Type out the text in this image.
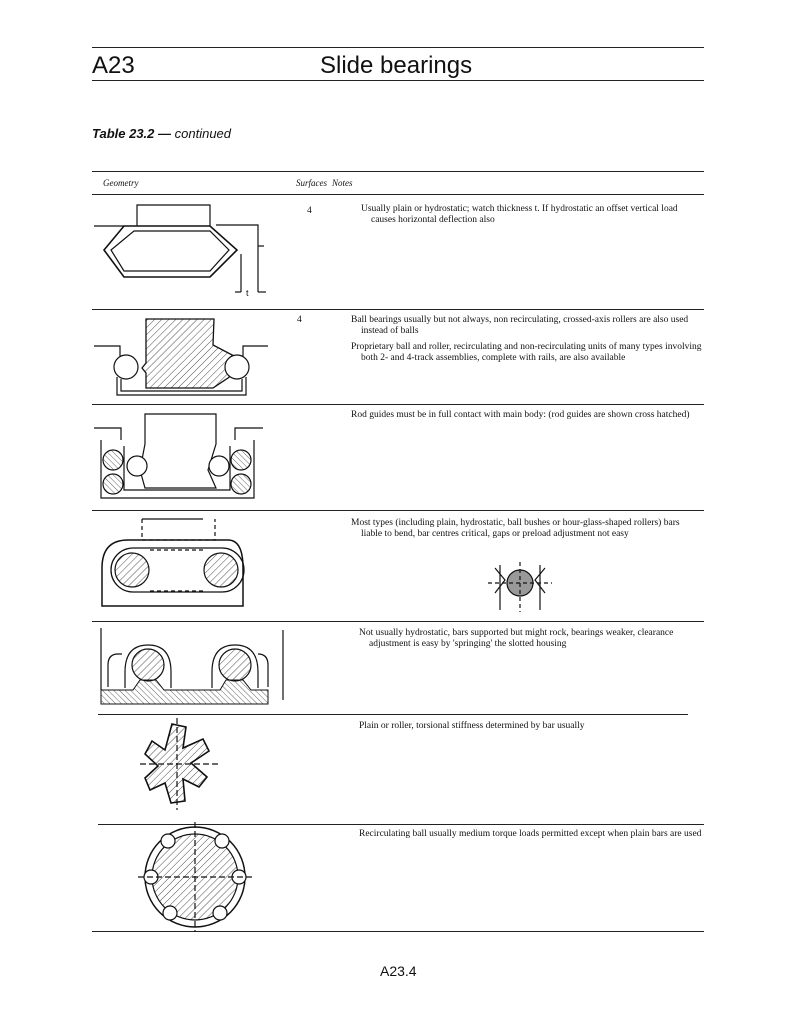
A23	Slide bearings
Table 23.2 — continued
Geometry	Surfaces Notes
4
4

Usually plain or hydrostatic; watch thickness t. If hydrostatic an offset vertical load causes horizontal deflection also

Ball bearings usually but not always, non recirculating, crossed-axis rollers are also used instead of balls

Proprietary ball and roller, recirculating and non-recirculating units of many types involving both 2- and 4-track assemblies, complete with rails, are also available

Rod guides must be in full contact with main body: (rod guides are shown cross hatched)

Most types (including plain, hydrostatic, ball bushes or hour-glass-shaped rollers) bars liable to bend, bar centres critical, gaps or preload adjustment not easy

Not usually hydrostatic, bars supported but might rock, bearings weaker, clearance adjustment is easy by 'springing' the slotted housing

Plain or roller, torsional stiffness determined by bar usually

Recirculating ball usually medium torque loads permitted except when plain bars are used

t
A23.4
